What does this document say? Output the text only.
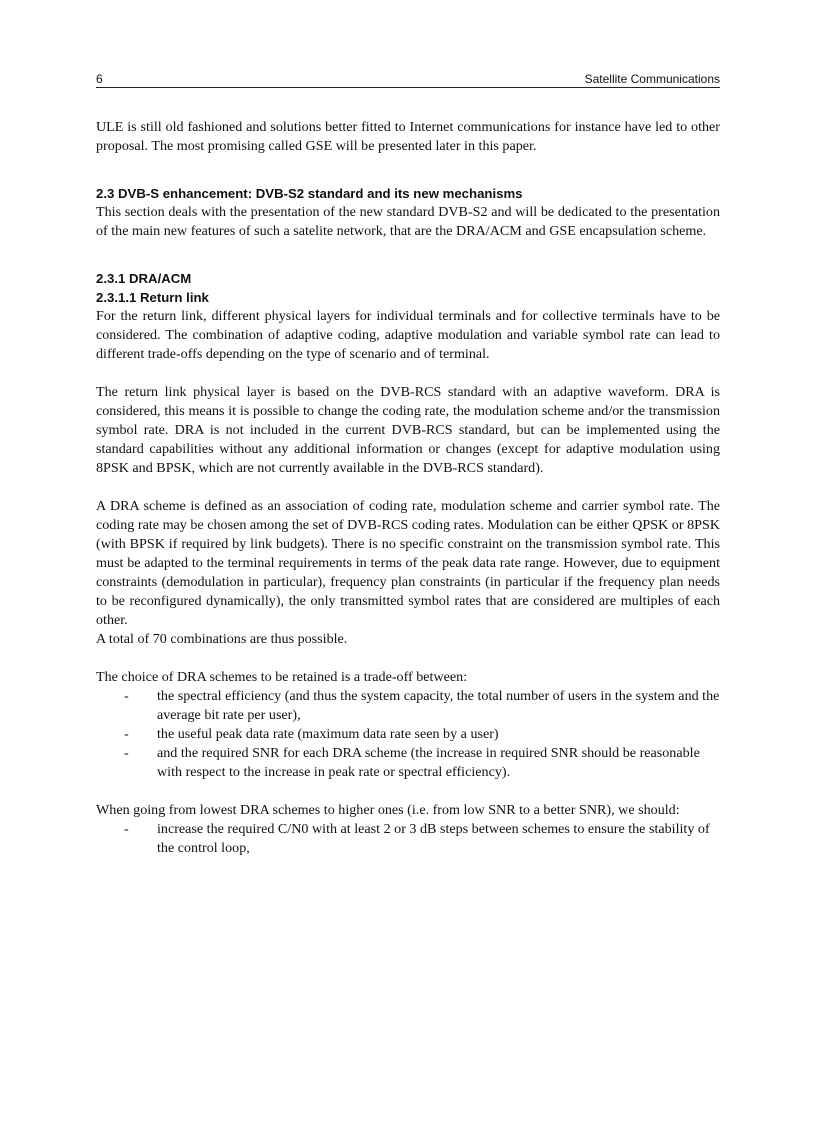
6	Satellite Communications

ULE is still old fashioned and solutions better fitted to Internet communications for instance have led to other proposal. The most promising called GSE will be presented later in this paper.

2.3 DVB-S enhancement: DVB-S2 standard and its new mechanisms

This section deals with the presentation of the new standard DVB-S2 and will be dedicated to the presentation of the main new features of such a satelite network, that are the DRA/ACM and GSE encapsulation scheme.

2.3.1 DRA/ACM
2.3.1.1 Return link

For the return link, different physical layers for individual terminals and for collective terminals have to be considered. The combination of adaptive coding, adaptive modulation and variable symbol rate can lead to different trade-offs depending on the type of scenario and of terminal.

The return link physical layer is based on the DVB-RCS standard with an adaptive waveform. DRA is considered, this means it is possible to change the coding rate, the modulation scheme and/or the transmission symbol rate. DRA is not included in the current DVB-RCS standard, but can be implemented using the standard capabilities without any additional information or changes (except for adaptive modulation using 8PSK and BPSK, which are not currently available in the DVB-RCS standard).

A DRA scheme is defined as an association of coding rate, modulation scheme and carrier symbol rate. The coding rate may be chosen among the set of DVB-RCS coding rates. Modulation can be either QPSK or 8PSK (with BPSK if required by link budgets). There is no specific constraint on the transmission symbol rate. This must be adapted to the terminal requirements in terms of the peak data rate range. However, due to equipment constraints (demodulation in particular), frequency plan constraints (in particular if the frequency plan needs to be reconfigured dynamically), the only transmitted symbol rates that are considered are multiples of each other.

A total of 70 combinations are thus possible.

The choice of DRA schemes to be retained is a trade-off between:

- the spectral efficiency (and thus the system capacity, the total number of users in the system and the average bit rate per user),
- the useful peak data rate (maximum data rate seen by a user)
- and the required SNR for each DRA scheme (the increase in required SNR should be reasonable with respect to the increase in peak rate or spectral efficiency).

When going from lowest DRA schemes to higher ones (i.e. from low SNR to a better SNR), we should:

- increase the required C/N0 with at least 2 or 3 dB steps between schemes to ensure the stability of the control loop,
